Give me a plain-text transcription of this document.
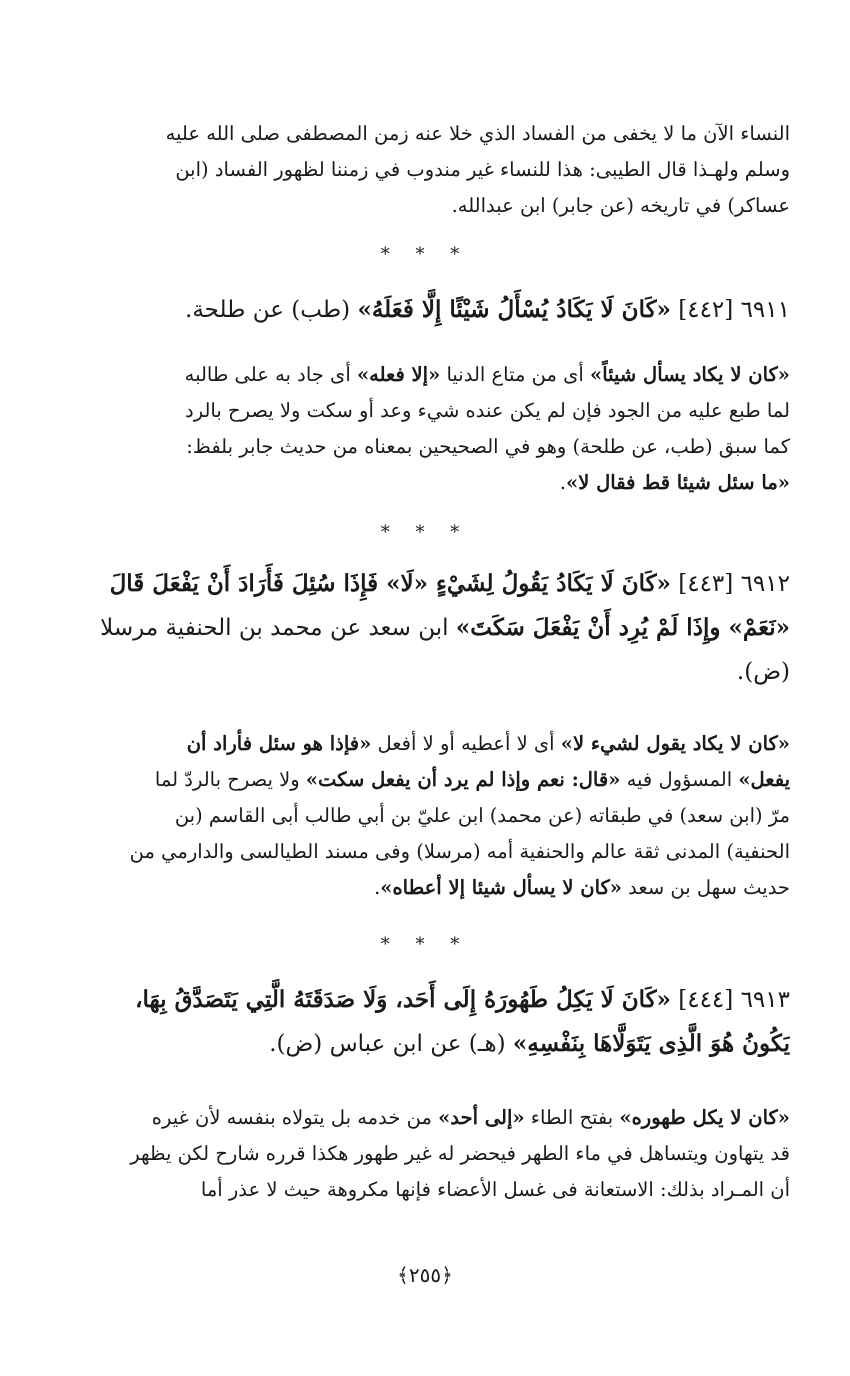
النساء الآن ما لا يخفى من الفساد الذي خلا عنه زمن المصطفى صلى الله عليه
وسلم ولهـذا قال الطيبى: هذا للنساء غير مندوب في زمننا لظهور الفساد (ابن
عساكر) في تاريخه (عن جابر) ابن عبدالله.
* * *
٦٩١١ [٤٤٢] «كَانَ لَا يَكَادُ يُسْأَلُ شَيْئًا إِلَّا فَعَلَهُ» (طب) عن طلحة.
«كان لا يكاد يسأل شيئاً» أى من متاع الدنيا «إلا فعله» أى جاد به على طالبه
لما طبع عليه من الجود فإن لم يكن عنده شيء وعد أو سكت ولا يصرح بالرد
كما سبق (طب، عن طلحة) وهو في الصحيحين بمعناه من حديث جابر بلفظ:
«ما سئل شيئا قط فقال لا».
* * *
٦٩١٢ [٤٤٣] «كَانَ لَا يَكَادُ يَقُولُ لِشَيْءٍ «لَا» فَإِذَا سُئِلَ فَأَرَادَ أَنْ يَفْعَلَ قَالَ
«نَعَمْ» وإِذَا لَمْ يُرِد أَنْ يَفْعَلَ سَكَتَ» ابن سعد عن محمد بن الحنفية مرسلا
(ض).
«كان لا يكاد يقول لشيء لا» أى لا أعطيه أو لا أفعل «فإذا هو سئل فأراد أن
يفعل» المسؤول فيه «قال: نعم وإذا لم يرد أن يفعل سكت» ولا يصرح بالردّ لما
مرّ (ابن سعد) في طبقاته (عن محمد) ابن عليّ بن أبي طالب أبى القاسم (بن
الحنفية) المدنى ثقة عالم والحنفية أمه (مرسلا) وفى مسند الطيالسى والدارمي من
حديث سهل بن سعد «كان لا يسأل شيئا إلا أعطاه».
* * *
٦٩١٣ [٤٤٤] «كَانَ لَا يَكِلُ طَهُورَهُ إِلَى أَحَد، وَلَا صَدَقَتَهُ الَّتِي يَتَصَدَّقُ بِهَا،
يَكُونُ هُوَ الَّذِى يَتَوَلَّاهَا بِنَفْسِهِ» (هـ) عن ابن عباس (ض).
«كان لا يكل طهوره» بفتح الطاء «إلى أحد» من خدمه بل يتولاه بنفسه لأن غيره
قد يتهاون ويتساهل في ماء الطهر فيحضر له غير طهور هكذا قرره شارح لكن يظهر
أن المـراد بذلك: الاستعانة فى غسل الأعضاء فإنها مكروهة حيث لا عذر أما
﴿٢٥٥﴾
